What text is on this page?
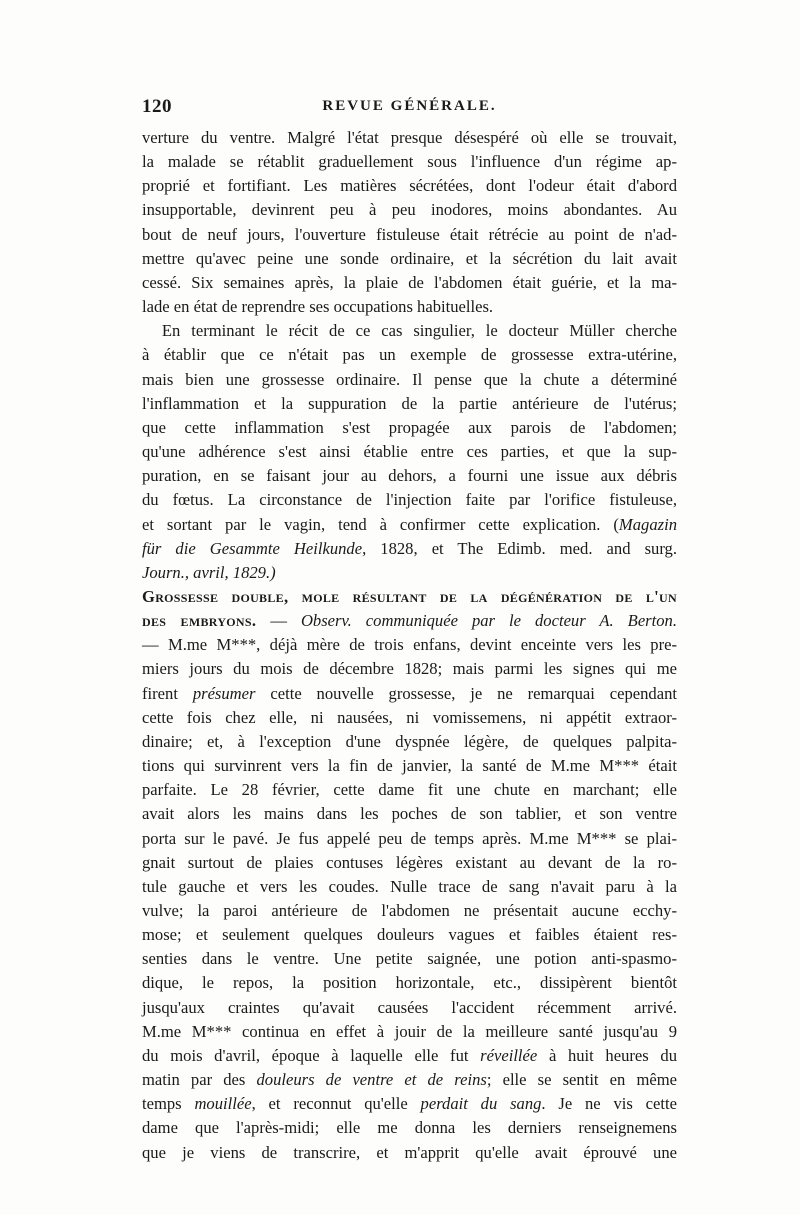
120	REVUE GÉNÉRALE.
verture du ventre. Malgré l'état presque désespéré où elle se trouvait,
la malade se rétablit graduellement sous l'influence d'un régime ap-
proprié et fortifiant. Les matières sécrétées, dont l'odeur était d'abord
insupportable, devinrent peu à peu inodores, moins abondantes. Au
bout de neuf jours, l'ouverture fistuleuse était rétrécie au point de n'ad-
mettre qu'avec peine une sonde ordinaire, et la sécrétion du lait avait
cessé. Six semaines après, la plaie de l'abdomen était guérie, et la ma-
lade en état de reprendre ses occupations habituelles.
En terminant le récit de ce cas singulier, le docteur Müller cherche
à établir que ce n'était pas un exemple de grossesse extra-utérine,
mais bien une grossesse ordinaire. Il pense que la chute a déterminé
l'inflammation et la suppuration de la partie antérieure de l'utérus;
que cette inflammation s'est propagée aux parois de l'abdomen;
qu'une adhérence s'est ainsi établie entre ces parties, et que la sup-
puration, en se faisant jour au dehors, a fourni une issue aux débris
du fœtus. La circonstance de l'injection faite par l'orifice fistuleuse,
et sortant par le vagin, tend à confirmer cette explication. (Magazin
für die Gesammte Heilkunde, 1828, et The Edimb. med. and surg.
Journ., avril, 1829.)
Grossesse double, mole résultant de la dégénération de l'un
des embryons. — Observ. communiquée par le docteur A. Berton.
— M.me M***, déjà mère de trois enfans, devint enceinte vers les pre-
miers jours du mois de décembre 1828; mais parmi les signes qui me
firent présumer cette nouvelle grossesse, je ne remarquai cependant
cette fois chez elle, ni nausées, ni vomissemens, ni appétit extraor-
dinaire; et, à l'exception d'une dyspnée légère, de quelques palpita-
tions qui survinrent vers la fin de janvier, la santé de M.me M*** était
parfaite. Le 28 février, cette dame fit une chute en marchant; elle
avait alors les mains dans les poches de son tablier, et son ventre
porta sur le pavé. Je fus appelé peu de temps après. M.me M*** se plai-
gnait surtout de plaies contuses légères existant au devant de la ro-
tule gauche et vers les coudes. Nulle trace de sang n'avait paru à la
vulve; la paroi antérieure de l'abdomen ne présentait aucune ecchy-
mose; et seulement quelques douleurs vagues et faibles étaient res-
senties dans le ventre. Une petite saignée, une potion anti-spasmo-
dique, le repos, la position horizontale, etc., dissipèrent bientôt
jusqu'aux craintes qu'avait causées l'accident récemment arrivé.
M.me M*** continua en effet à jouir de la meilleure santé jusqu'au 9
du mois d'avril, époque à laquelle elle fut réveillée à huit heures du
matin par des douleurs de ventre et de reins; elle se sentit en même
temps mouillée, et reconnut qu'elle perdait du sang. Je ne vis cette
dame que l'après-midi; elle me donna les derniers renseignemens
que je viens de transcrire, et m'apprit qu'elle avait éprouvé une
